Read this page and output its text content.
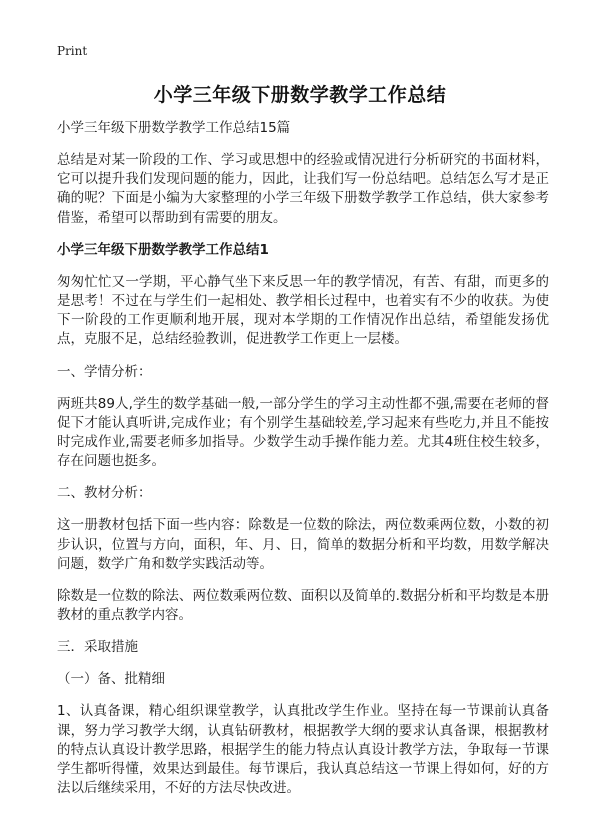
Print
小学三年级下册数学教学工作总结
小学三年级下册数学教学工作总结15篇

总结是对某一阶段的工作、学习或思想中的经验或情况进行分析研究的书面材料，它可以提升我们发现问题的能力，因此，让我们写一份总结吧。总结怎么写才是正确的呢？下面是小编为大家整理的小学三年级下册数学教学工作总结，供大家参考借鉴，希望可以帮助到有需要的朋友。

小学三年级下册数学教学工作总结1

匆匆忙忙又一学期，平心静气坐下来反思一年的教学情况，有苦、有甜，而更多的是思考！不过在与学生们一起相处、教学相长过程中，也着实有不少的收获。为使下一阶段的工作更顺利地开展，现对本学期的工作情况作出总结，希望能发扬优点，克服不足，总结经验教训，促进教学工作更上一层楼。

一、学情分析：

两班共89人,学生的数学基础一般,一部分学生的学习主动性都不强,需要在老师的督促下才能认真听讲,完成作业；有个别学生基础较差,学习起来有些吃力,并且不能按时完成作业,需要老师多加指导。少数学生动手操作能力差。尤其4班住校生较多，存在问题也挺多。

二、教材分析：

这一册教材包括下面一些内容：除数是一位数的除法，两位数乘两位数，小数的初步认识，位置与方向，面积，年、月、日，简单的数据分析和平均数，用数学解决问题，数学广角和数学实践活动等。

除数是一位数的除法、两位数乘两位数、面积以及简单的.数据分析和平均数是本册教材的重点教学内容。

三．采取措施
（一）备、批精细

1、认真备课，精心组织课堂教学，认真批改学生作业。坚持在每一节课前认真备课，努力学习教学大纲，认真钻研教材，根据教学大纲的要求认真备课，根据教材的特点认真设计教学思路，根据学生的能力特点认真设计教学方法，争取每一节课学生都听得懂，效果达到最佳。每节课后，我认真总结这一节课上得如何，好的方法以后继续采用，不好的方法尽快改进。
